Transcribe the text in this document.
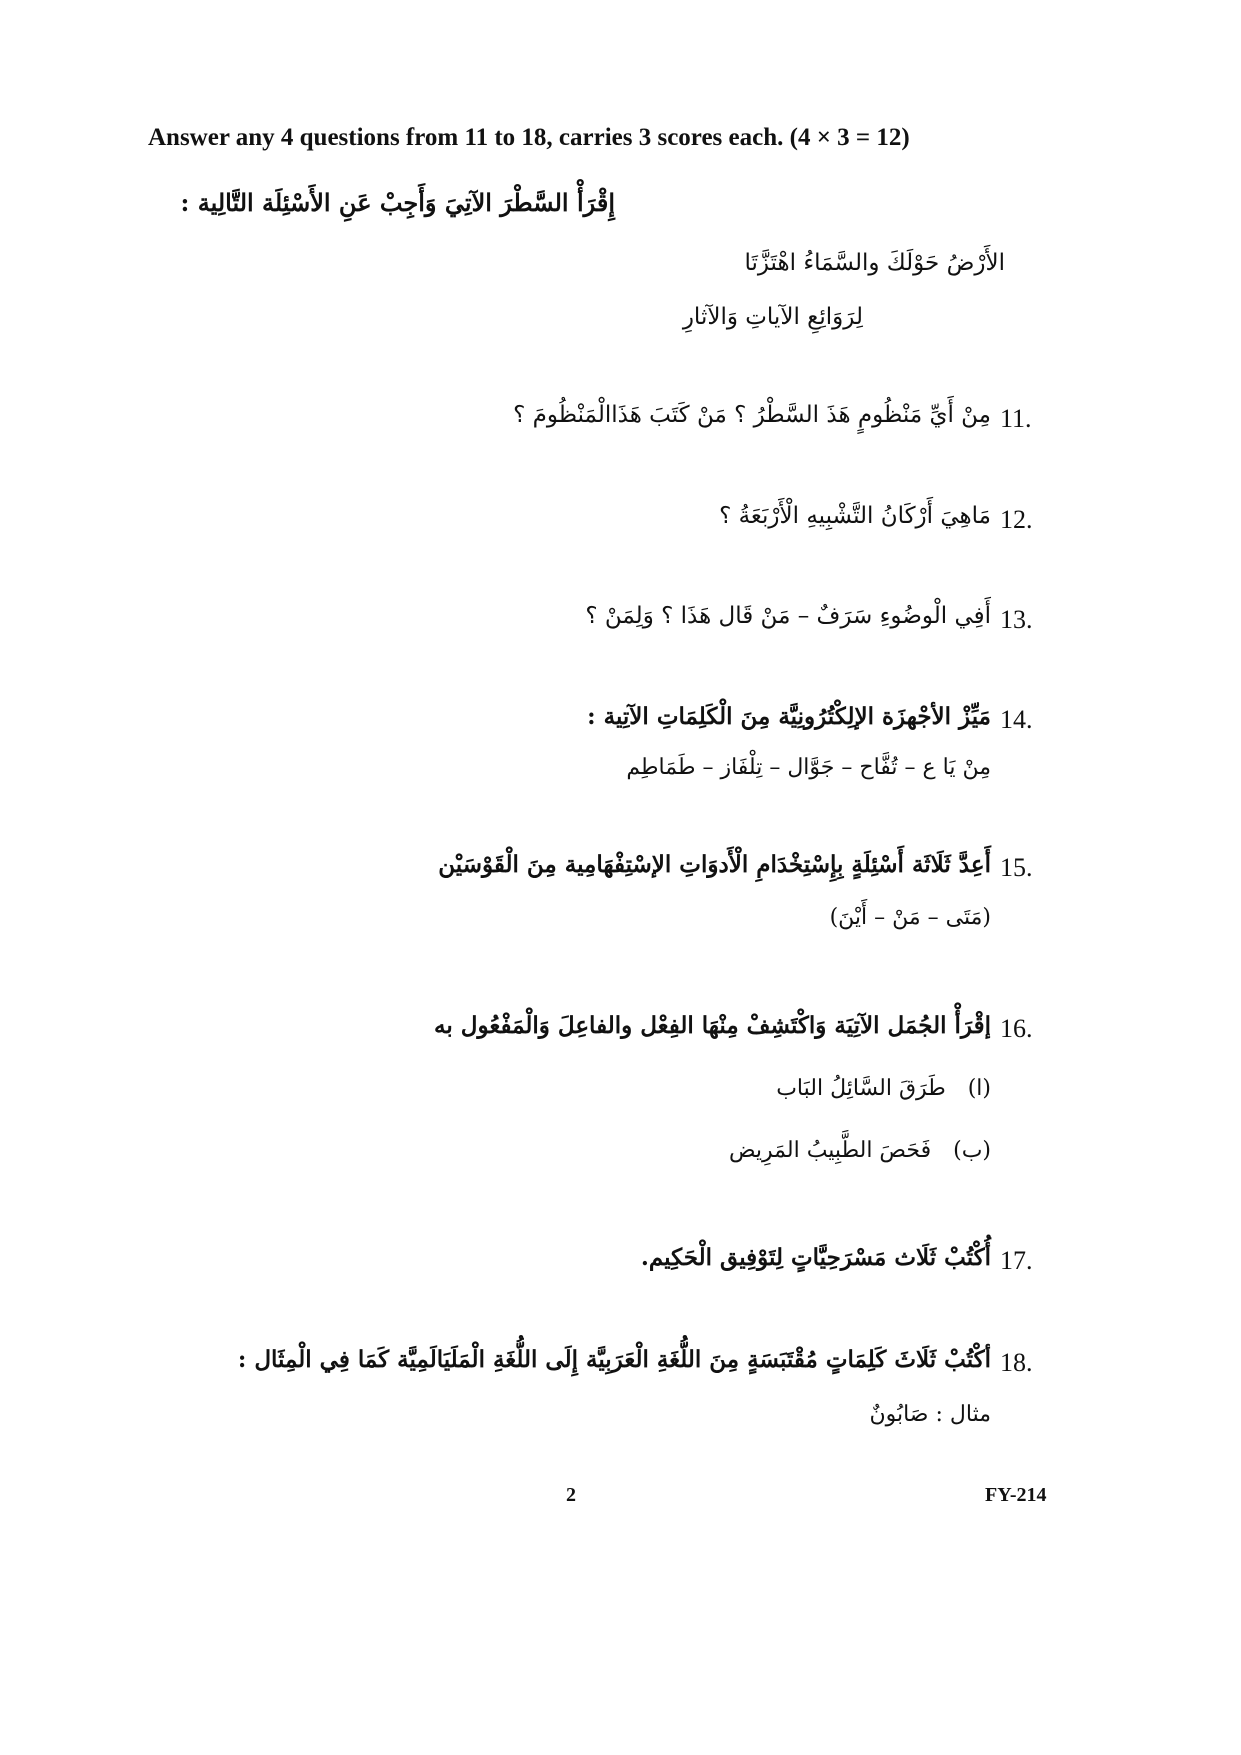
Answer any 4 questions from 11 to 18, carries 3 scores each. (4 × 3 = 12)
إِقْرَأْ السَّطْرَ الآتِيَ وَأَجِبْ عَنِ الأَسْئِلَة التَّالِية :
الأَرْضُ حَوْلَكَ والسَّمَاءُ اهْتَزَّتَا
لِرَوَائِعِ الآياتِ وَالآثارِ
11.
مِنْ أَيِّ مَنْظُومٍ هَذَ السَّطْرُ ؟ مَنْ كَتَبَ هَذَاالْمَنْظُومَ ؟
12.
مَاهِيَ أَرْكَانُ التَّشْبِيهِ الْأَرْبَعَةُ ؟
13.
أَفِي الْوضُوءِ سَرَفٌ – مَنْ قَال هَذَا ؟ وَلِمَنْ ؟
14.
مَيِّزْ الأجْهزَة الإلِكْتُرُونِيَّة مِنَ الْكَلِمَاتِ الآتِية :
مِنْ يَا ع – تُفَّاح – جَوَّال – تِلْفَاز – طَمَاطِم
15.
أَعِدَّ ثَلَاثَة أَسْئِلَةٍ بِإِسْتِخْدَامِ الْأَدوَاتِ الإسْتِفْهَامِية مِنَ الْقَوْسَيْن
(مَتَى – مَنْ – أَيْنَ)
16.
إقْرَأْ الجُمَل الآتِيَة وَاكْتَشِفْ مِنْهَا الفِعْل والفاعِلَ وَالْمَفْعُول به
(ا)طَرَقَ السَّائِلُ البَاب
(ب)فَحَصَ الطَّبِيبُ المَرِيض
17.
أُكْتُبْ ثَلَاث مَسْرَحِيَّاتٍ لِتَوْفِيق الْحَكِيم.
18.
أكْتُبْ ثَلَاثَ كَلِمَاتٍ مُقْتَبَسَةٍ مِنَ اللُّغَةِ الْعَرَبِيَّة إِلَى اللُّغَةِ الْمَلَيَالَمِيَّة كَمَا فِي الْمِثَال :
مثال : صَابُونٌ
2	FY-214
